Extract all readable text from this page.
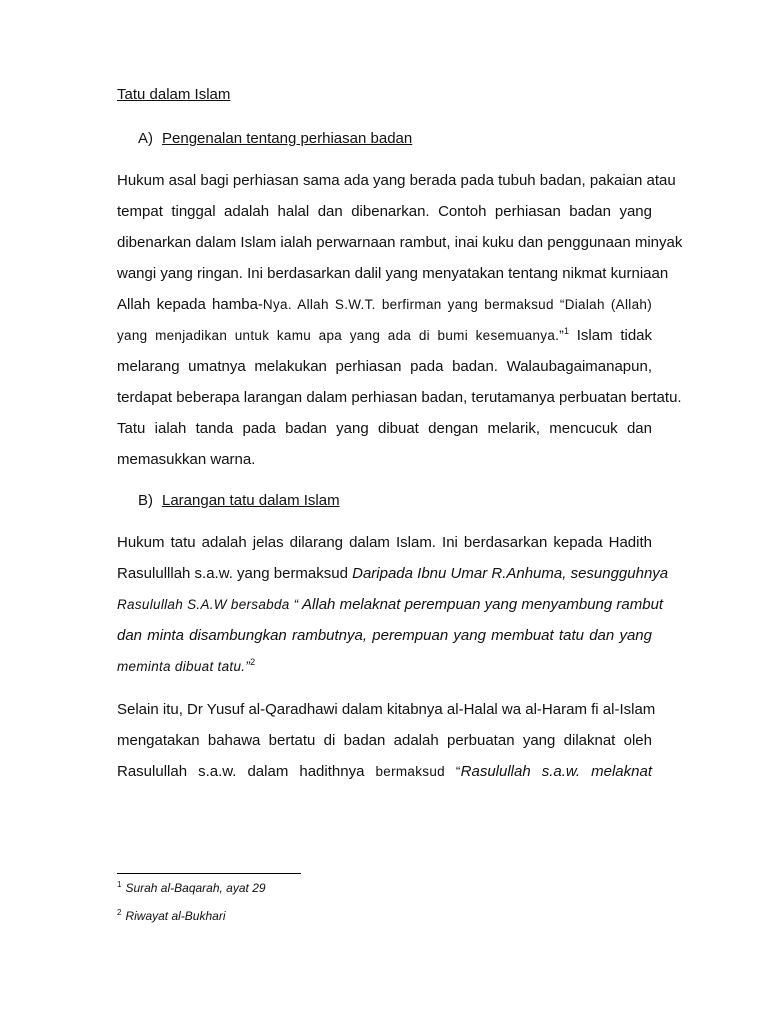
Tatu dalam Islam

A) Pengenalan tentang perhiasan badan

Hukum asal bagi perhiasan sama ada yang berada pada tubuh badan, pakaian atau
tempat tinggal adalah halal dan dibenarkan. Contoh perhiasan badan yang
dibenarkan dalam Islam ialah perwarnaan rambut, inai kuku dan penggunaan minyak
wangi yang ringan. Ini berdasarkan dalil yang menyatakan tentang nikmat kurniaan
Allah kepada hamba-Nya. Allah S.W.T. berfirman yang bermaksud “Dialah (Allah)
yang menjadikan untuk kamu apa yang ada di bumi kesemuanya.”$^1$ Islam tidak
melarang umatnya melakukan perhiasan pada badan. Walaubagaimanapun,
terdapat beberapa larangan dalam perhiasan badan, terutamanya perbuatan bertatu.
Tatu ialah tanda pada badan yang dibuat dengan melarik, mencucuk dan
memasukkan warna.

B) Larangan tatu dalam Islam

Hukum tatu adalah jelas dilarang dalam Islam. Ini berdasarkan kepada Hadith
Rasululllah s.a.w. yang bermaksud Daripada Ibnu Umar R.Anhuma, sesungguhnya
Rasulullah S.A.W bersabda “ Allah melaknat perempuan yang menyambung rambut
dan minta disambungkan rambutnya, perempuan yang membuat tatu dan yang
meminta dibuat tatu.”$^2$
Selain itu, Dr Yusuf al-Qaradhawi dalam kitabnya al-Halal wa al-Haram fi al-Islam
mengatakan bahawa bertatu di badan adalah perbuatan yang dilaknat oleh
Rasulullah s.a.w. dalam hadithnya bermaksud “Rasulullah s.a.w. melaknat

$^1$ Surah al-Baqarah, ayat 29

$^2$ Riwayat al-Bukhari
